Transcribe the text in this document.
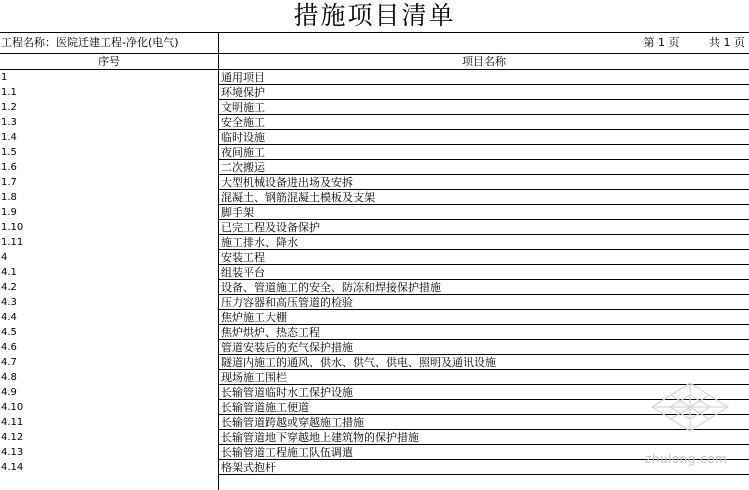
措施项目清单
工程名称：医院迁建工程-净化(电气)	第 1 页	共 1 页
序号	项目名称
1	通用项目
1.1	环境保护
1.2	文明施工
1.3	安全施工
1.4	临时设施
1.5	夜间施工
1.6	二次搬运
1.7	大型机械设备进出场及安拆
1.8	混凝土、钢筋混凝土模板及支架
1.9	脚手架
1.10	已完工程及设备保护
1.11	施工排水、降水
4	安装工程
4.1	组装平台
4.2	设备、管道施工的安全、防冻和焊接保护措施
4.3	压力容器和高压管道的检验
4.4	焦炉施工大棚
4.5	焦炉烘炉、热态工程
4.6	管道安装后的充气保护措施
4.7	隧道内施工的通风、供水、供气、供电、照明及通讯设施
4.8	现场施工围栏
4.9	长输管道临时水工保护设施
4.10	长输管道施工便道
4.11	长输管道跨越或穿越施工措施
4.12	长输管道地下穿越地上建筑物的保护措施
4.13	长输管道工程施工队伍调遣
4.14	格架式抱杆
zhulong.com
